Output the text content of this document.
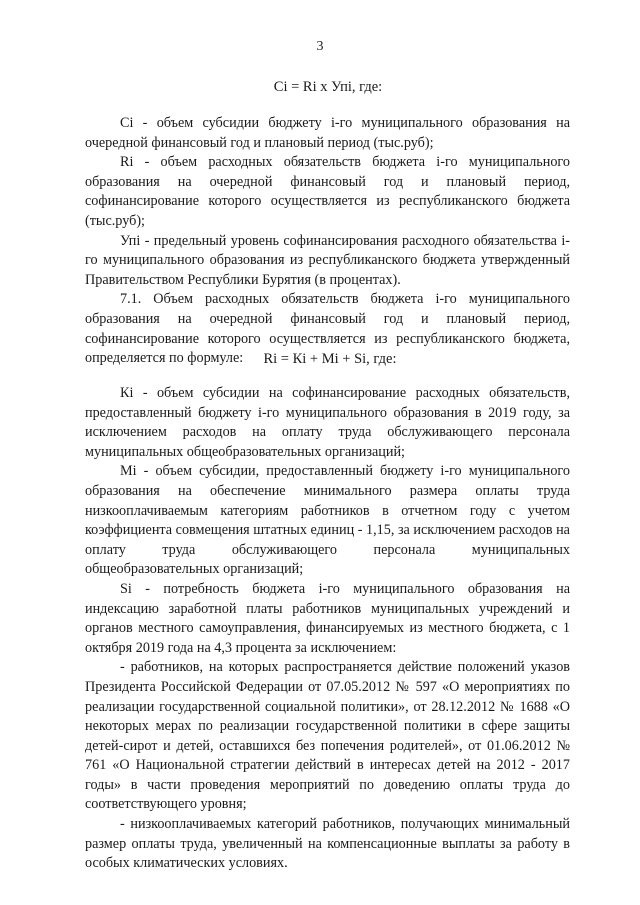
3
Сi = Ri x Упi, где:

Сi - объем субсидии бюджету i-го муниципального образования на очередной финансовый год и плановый период (тыс.руб);

Ri - объем расходных обязательств бюджета i-го муниципального образования на очередной финансовый год и плановый период, софинансирование которого осуществляется из республиканского бюджета (тыс.руб);

Упi - предельный уровень софинансирования расходного обязательства i-го муниципального образования из республиканского бюджета утвержденный Правительством Республики Бурятия (в процентах).

7.1. Объем расходных обязательств бюджета i-го муниципального образования на очередной финансовый год и плановый период, софинансирование которого осуществляется из республиканского бюджета, определяется по формуле:	Ri = Кi + Мi + Si, где:

Кi - объем субсидии на софинансирование расходных обязательств, предоставленный бюджету i-го муниципального образования в 2019 году, за исключением расходов на оплату труда обслуживающего персонала муниципальных общеобразовательных организаций;

Мi - объем субсидии, предоставленный бюджету i-го муниципального образования на обеспечение минимального размера оплаты труда низкооплачиваемым категориям работников в отчетном году с учетом коэффициента совмещения штатных единиц - 1,15, за исключением расходов на оплату труда обслуживающего персонала муниципальных общеобразовательных организаций;

Si - потребность бюджета i-го муниципального образования на индексацию заработной платы работников муниципальных учреждений и органов местного самоуправления, финансируемых из местного бюджета, с 1 октября 2019 года на 4,3 процента за исключением:

- работников, на которых распространяется действие положений указов Президента Российской Федерации от 07.05.2012 № 597 «О мероприятиях по реализации государственной социальной политики», от 28.12.2012 № 1688 «О некоторых мерах по реализации государственной политики в сфере защиты детей-сирот и детей, оставшихся без попечения родителей», от 01.06.2012 № 761 «О Национальной стратегии действий в интересах детей на 2012 - 2017 годы» в части проведения мероприятий по доведению оплаты труда до соответствующего уровня;

- низкооплачиваемых категорий работников, получающих минимальный размер оплаты труда, увеличенный на компенсационные выплаты за работу в особых климатических условиях.
